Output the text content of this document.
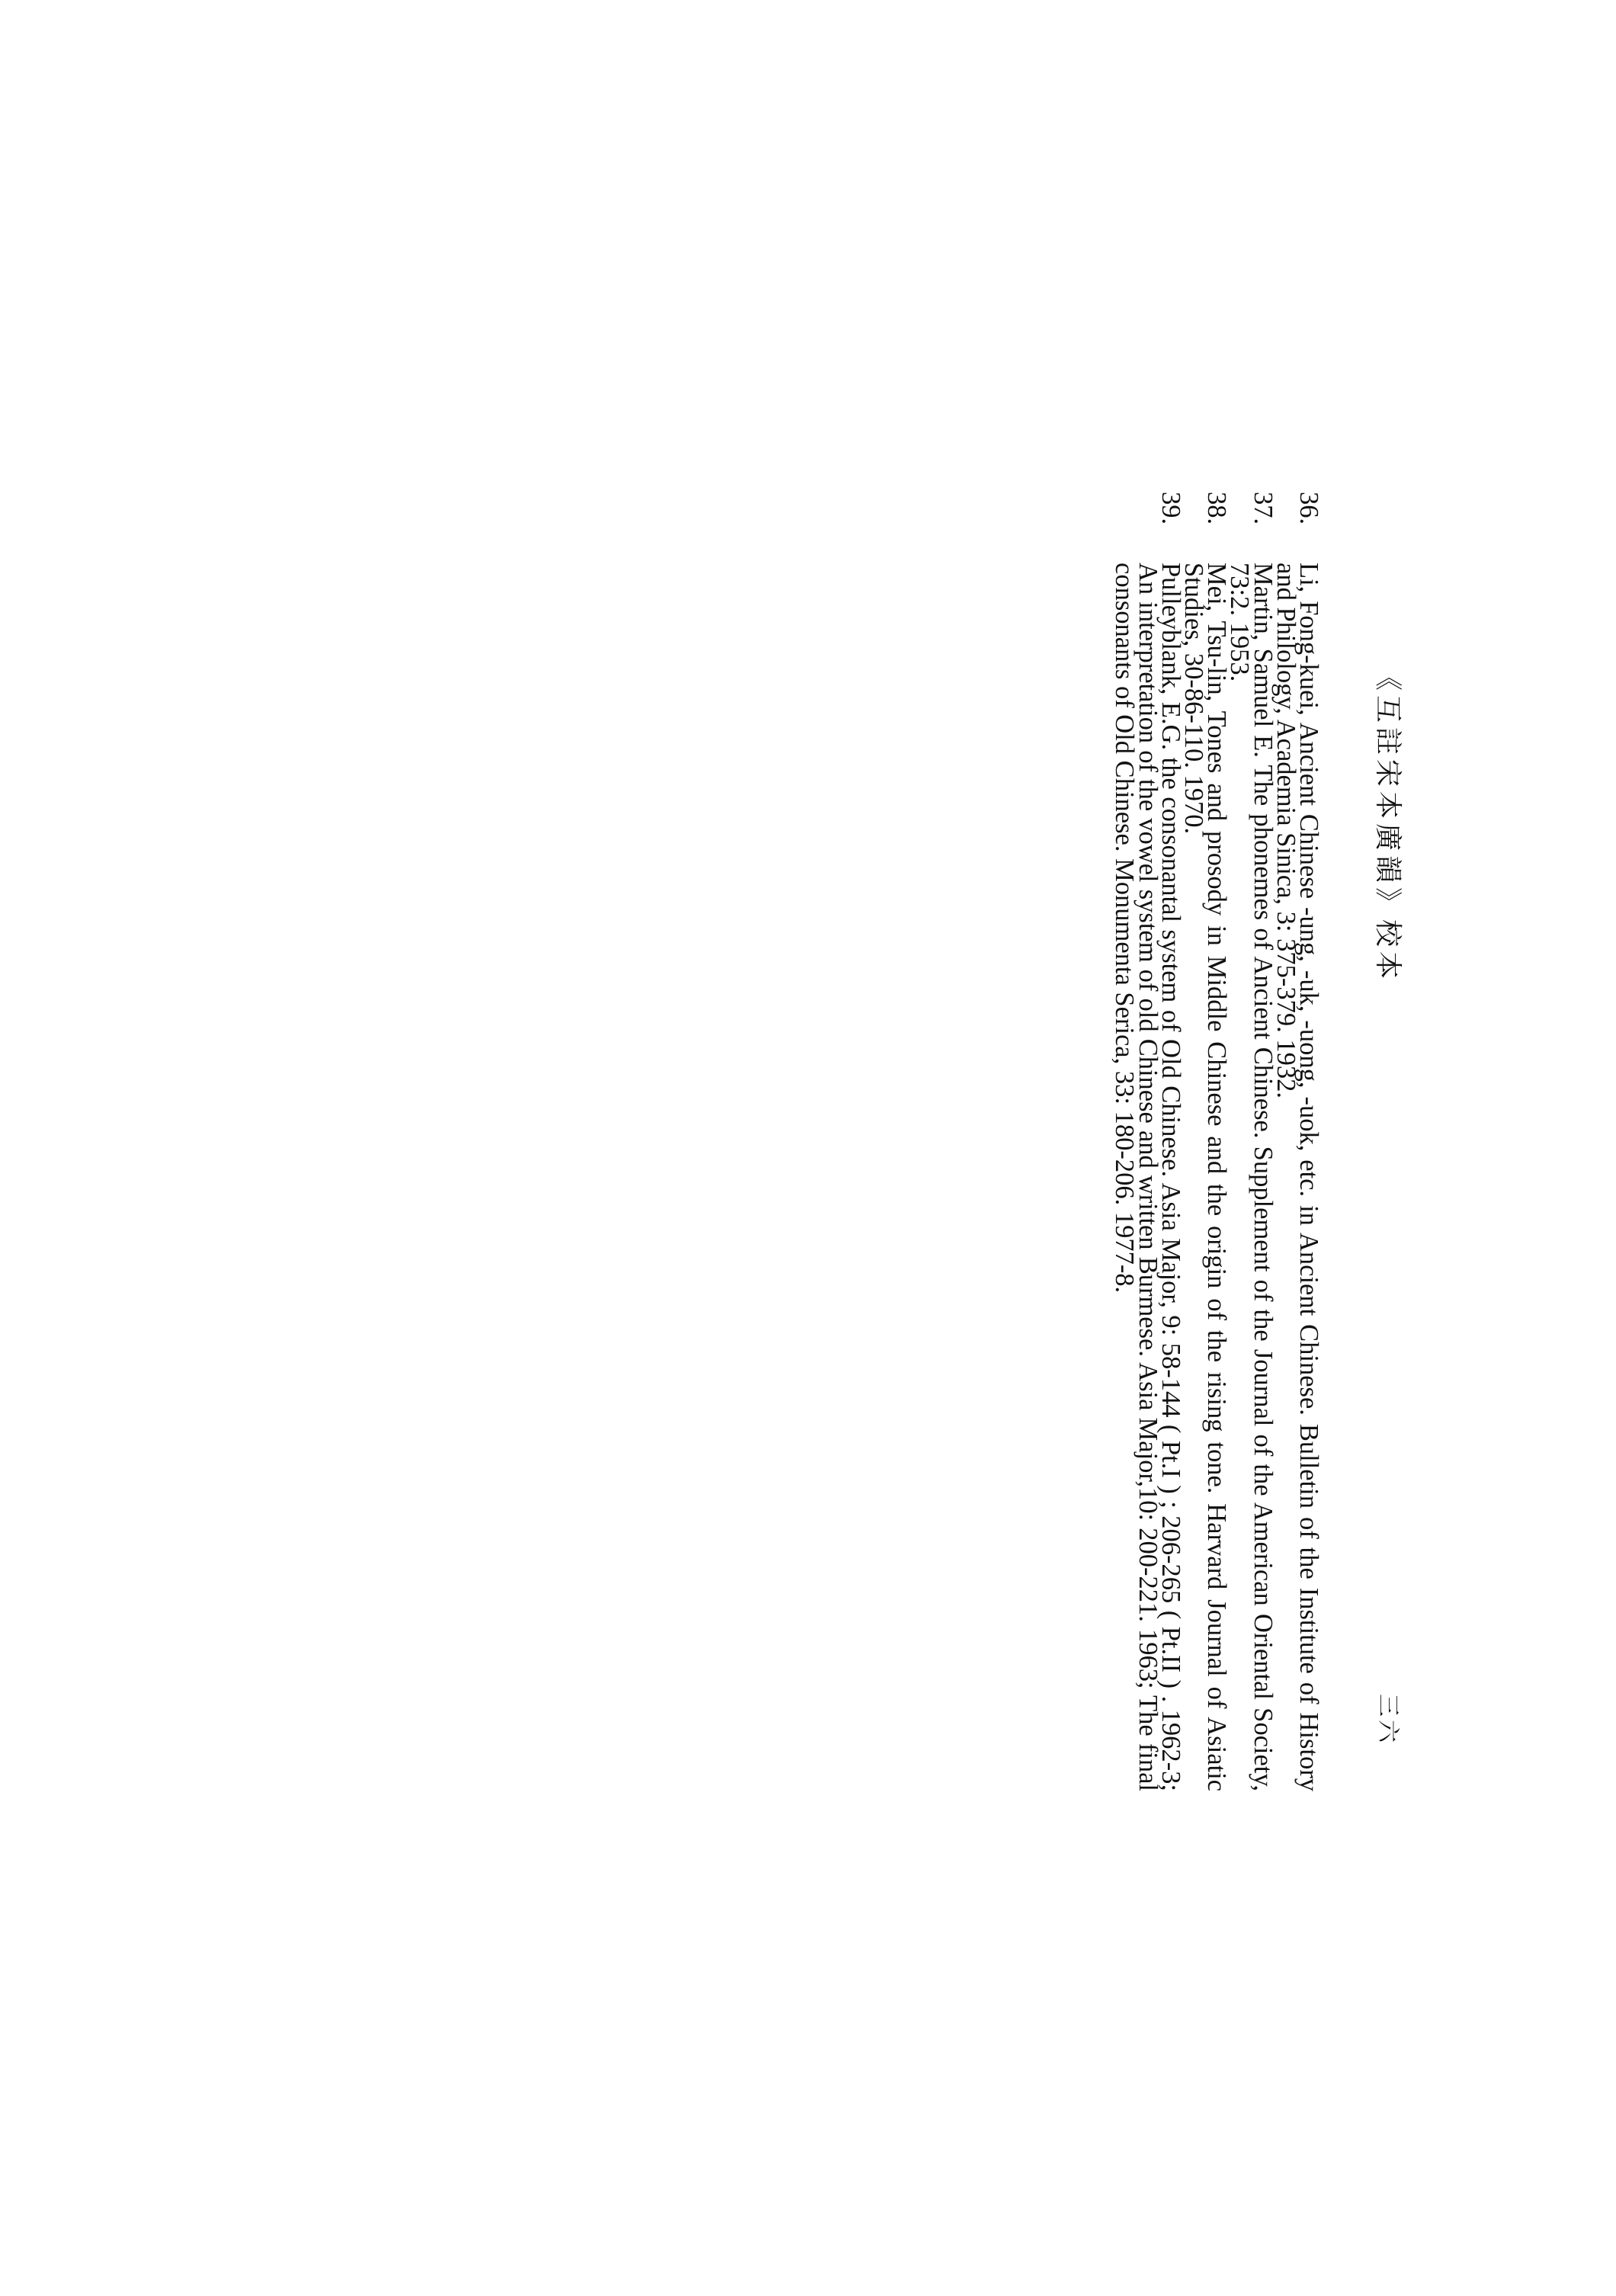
《互註宋本廣韻》校本
三六
36.
Li, Fong-kuei, Ancient Chinese -ung, -uk, -uong, -uok, etc. in Ancient Chinese. Bulletin of the Institute of History and Philology, Academia Sinica, 3: 375-379. 1932.
37.
Martin, Samuel E. The phonemes of Ancient Chinese. Supplement of the Journal of the American Oriental Society, 73:2. 1953.
38.
Mei, Tsu-lin, Tones and prosody in Middle Chinese and the origin of the rising tone. Harvard Journal of Asiatic Studies, 30-86-110. 1970.
39.
Pulleyblank, E.G. the consonantal system of Old Chinese. Asia Major, 9: 58-144 ( Pt.I ) ; 206-265 ( Pt.II ) . 1962-3; An interpretation of the vowel system of old Chinese and written Burmese. Asia Major,10: 200-221. 1963; The final consonants of Old Chinese. Monumenta Serica, 33: 180-206. 1977-8.
